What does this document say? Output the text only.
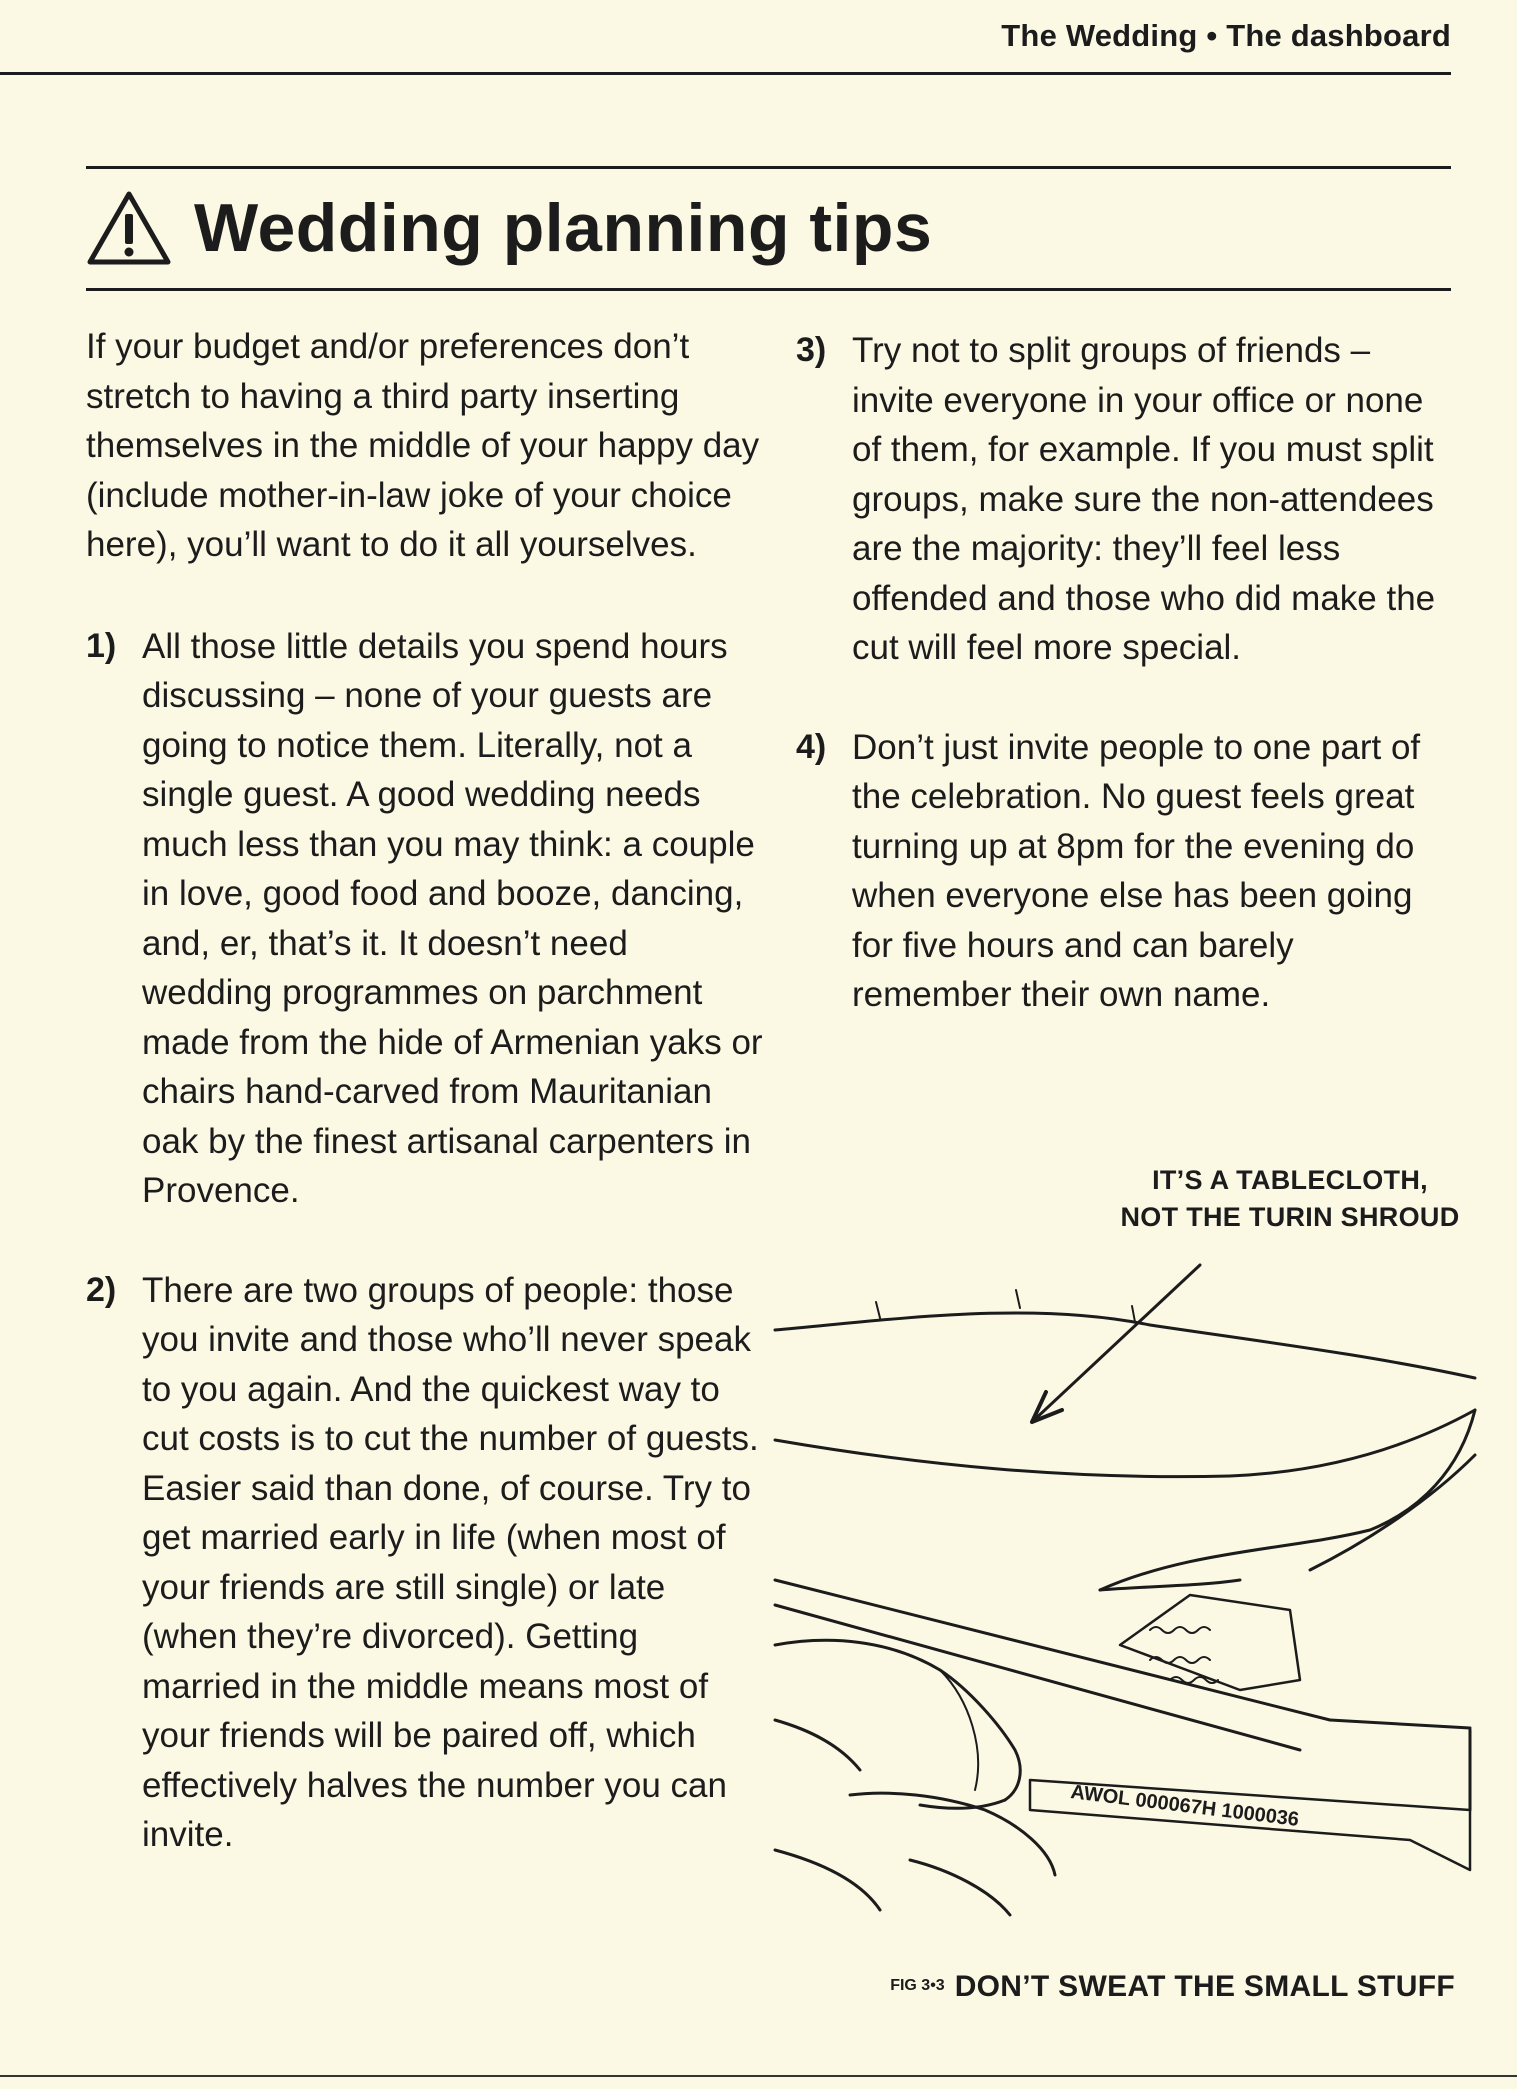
The Wedding • The dashboard
Wedding planning tips

If your budget and/or preferences don’t stretch to having a third party inserting themselves in the middle of your happy day (include mother-in-law joke of your choice here), you’ll want to do it all yourselves.

1) All those little details you spend hours discussing – none of your guests are going to notice them. Literally, not a single guest. A good wedding needs much less than you may think: a couple in love, good food and booze, dancing, and, er, that’s it. It doesn’t need wedding programmes on parchment made from the hide of Armenian yaks or chairs hand-carved from Mauritanian oak by the finest artisanal carpenters in Provence.
2) There are two groups of people: those you invite and those who’ll never speak to you again. And the quickest way to cut costs is to cut the number of guests. Easier said than done, of course. Try to get married early in life (when most of your friends are still single) or late (when they’re divorced). Getting married in the middle means most of your friends will be paired off, which effectively halves the number you can invite.
3) Try not to split groups of friends – invite everyone in your office or none of them, for example. If you must split groups, make sure the non-attendees are the majority: they’ll feel less offended and those who did make the cut will feel more special.
4) Don’t just invite people to one part of the celebration. No guest feels great turning up at 8pm for the evening do when everyone else has been going for five hours and can barely remember their own name.
IT’S A TABLECLOTH, NOT THE TURIN SHROUD
AWOL 000067H 1000036
FIG 3•3 DON’T SWEAT THE SMALL STUFF
